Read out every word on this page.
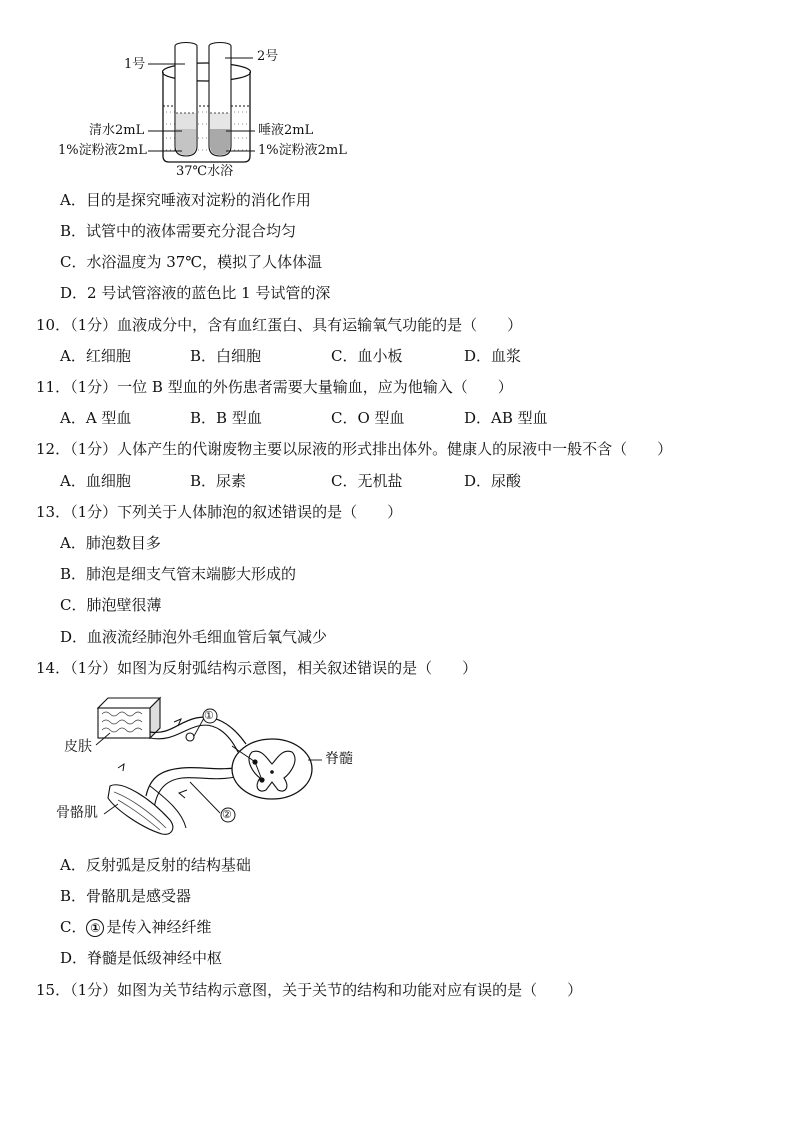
1号
2号
清水2mL
1%淀粉液2mL
唾液2mL
1%淀粉液2mL
37℃水浴
A．目的是探究唾液对淀粉的消化作用
B．试管中的液体需要充分混合均匀
C．水浴温度为 37℃，模拟了人体体温
D．2 号试管溶液的蓝色比 1 号试管的深
10．（1分）血液成分中，含有血红蛋白、具有运输氧气功能的是（　　）
A．红细胞	B．白细胞	C．血小板	D．血浆
11．（1分）一位 B 型血的外伤患者需要大量输血，应为他输入（　　）
A．A 型血	B．B 型血	C．O 型血	D．AB 型血
12．（1分）人体产生的代谢废物主要以尿液的形式排出体外。健康人的尿液中一般不含（　　）
A．血细胞	B．尿素	C．无机盐	D．尿酸
13．（1分）下列关于人体肺泡的叙述错误的是（　　）
A．肺泡数目多
B．肺泡是细支气管末端膨大形成的
C．肺泡壁很薄
D．血液流经肺泡外毛细血管后氧气减少
14．（1分）如图为反射弧结构示意图，相关叙述错误的是（　　）
①
②
皮肤
脊髓
骨骼肌
A．反射弧是反射的结构基础
B．骨骼肌是感受器
C． ① 是传入神经纤维
D．脊髓是低级神经中枢
15．（1分）如图为关节结构示意图，关于关节的结构和功能对应有误的是（　　）
